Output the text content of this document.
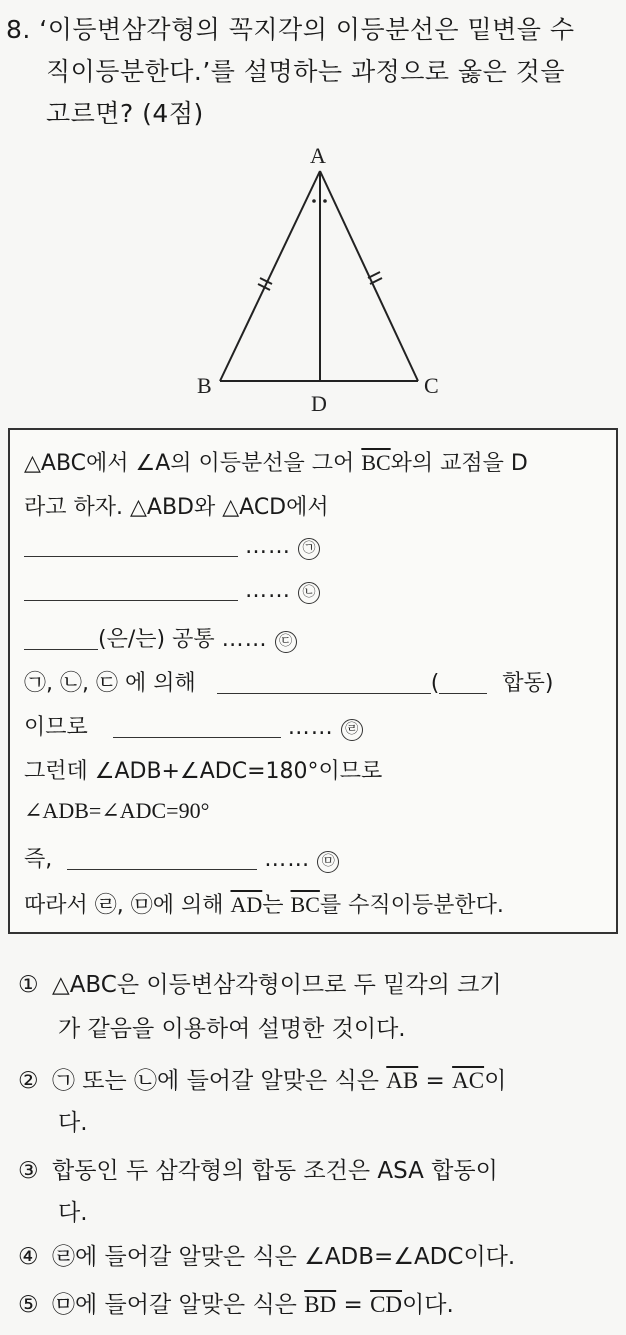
8. ‘이등변삼각형의 꼭지각의 이등분선은 밑변을 수
직이등분한다.’를 설명하는 과정으로 옳은 것을
고르면? (4점)
A
B	C
D
△ABC에서 ∠A의 이등분선을 그어 $\overline{BC}$와의 교점을 D
라고 하자. △ABD와 △ACD에서
…… ㉠
…… ㉡
(은/는) 공통 …… ㉢
㉠, ㉡, ㉢ 에 의해	(	합동)
이므로	…… ㉣
그런데 ∠ADB+∠ADC=180°이므로
∠ADB=∠ADC=90°
즉,	…… ㉤
따라서 ㉣, ㉤에 의해 $\overline{AD}$는 $\overline{BC}$를 수직이등분한다.
① △ABC은 이등변삼각형이므로 두 밑각의 크기
가 같음을 이용하여 설명한 것이다.
② ㉠ 또는 ㉡에 들어갈 알맞은 식은 $\overline{AB} = \overline{AC}$이
다.
③ 합동인 두 삼각형의 합동 조건은 ASA 합동이
다.
④ ㉣에 들어갈 알맞은 식은 ∠ADB=∠ADC이다.
⑤ ㉤에 들어갈 알맞은 식은 $\overline{BD} = \overline{CD}$이다.
